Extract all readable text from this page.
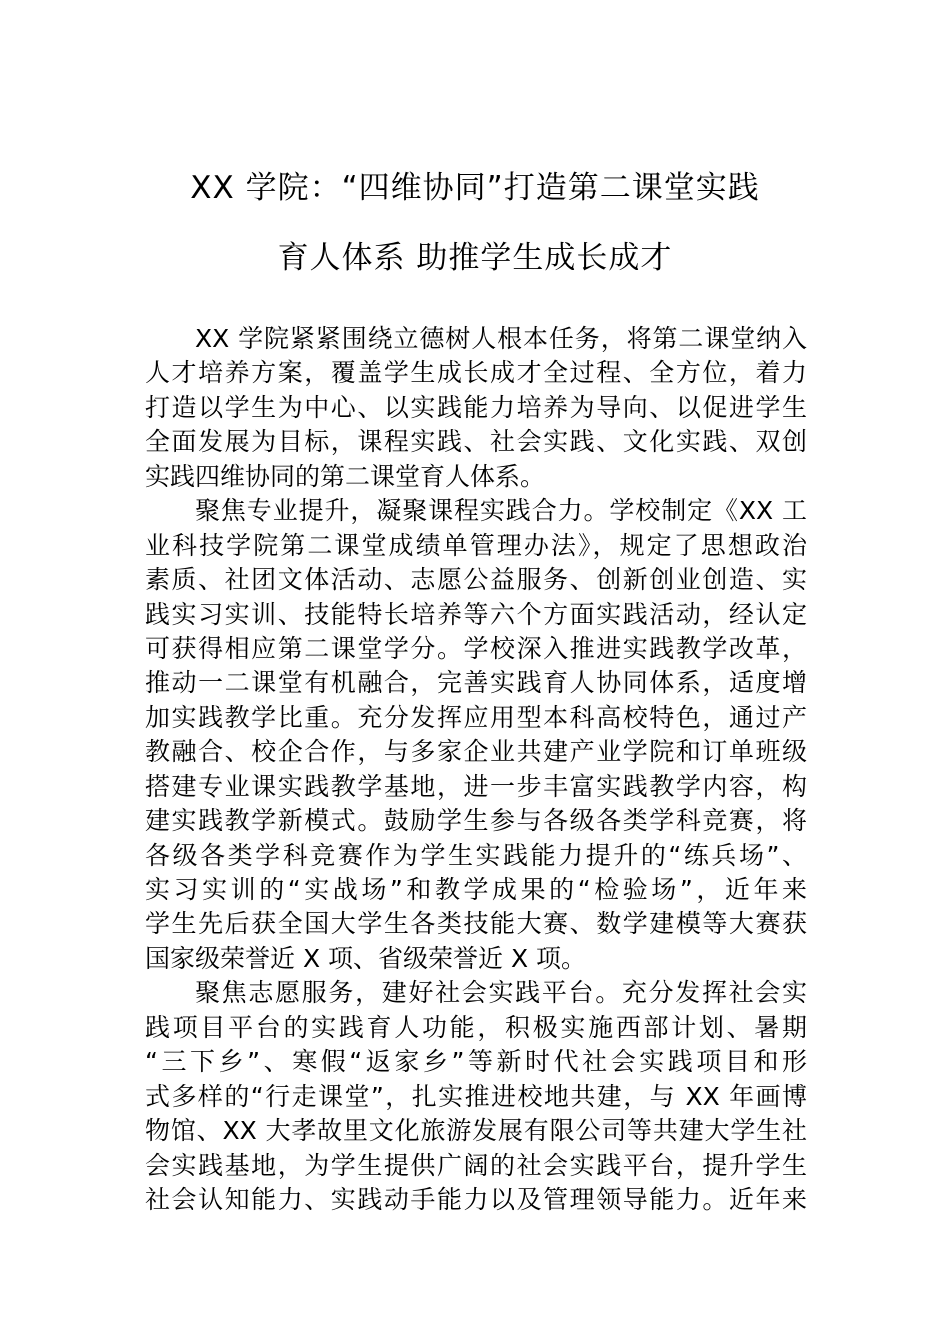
XX 学院：“四维协同”打造第二课堂实践
育人体系 助推学生成长成才
XX 学院紧紧围绕立德树人根本任务，将第二课堂纳入
人才培养方案，覆盖学生成长成才全过程、全方位，着力
打造以学生为中心、以实践能力培养为导向、以促进学生
全面发展为目标，课程实践、社会实践、文化实践、双创
实践四维协同的第二课堂育人体系。
聚焦专业提升，凝聚课程实践合力。学校制定《XX 工
业科技学院第二课堂成绩单管理办法》，规定了思想政治
素质、社团文体活动、志愿公益服务、创新创业创造、实
践实习实训、技能特长培养等六个方面实践活动，经认定
可获得相应第二课堂学分。学校深入推进实践教学改革，
推动一二课堂有机融合，完善实践育人协同体系，适度增
加实践教学比重。充分发挥应用型本科高校特色，通过产
教融合、校企合作，与多家企业共建产业学院和订单班级
搭建专业课实践教学基地，进一步丰富实践教学内容，构
建实践教学新模式。鼓励学生参与各级各类学科竞赛，将
各级各类学科竞赛作为学生实践能力提升的“练兵场”、
实习实训的“实战场”和教学成果的“检验场”，近年来
学生先后获全国大学生各类技能大赛、数学建模等大赛获
国家级荣誉近 X 项、省级荣誉近 X 项。
聚焦志愿服务，建好社会实践平台。充分发挥社会实
践项目平台的实践育人功能，积极实施西部计划、暑期
“三下乡”、寒假“返家乡”等新时代社会实践项目和形
式多样的“行走课堂”，扎实推进校地共建，与 XX 年画博
物馆、XX 大孝故里文化旅游发展有限公司等共建大学生社
会实践基地，为学生提供广阔的社会实践平台，提升学生
社会认知能力、实践动手能力以及管理领导能力。近年来
